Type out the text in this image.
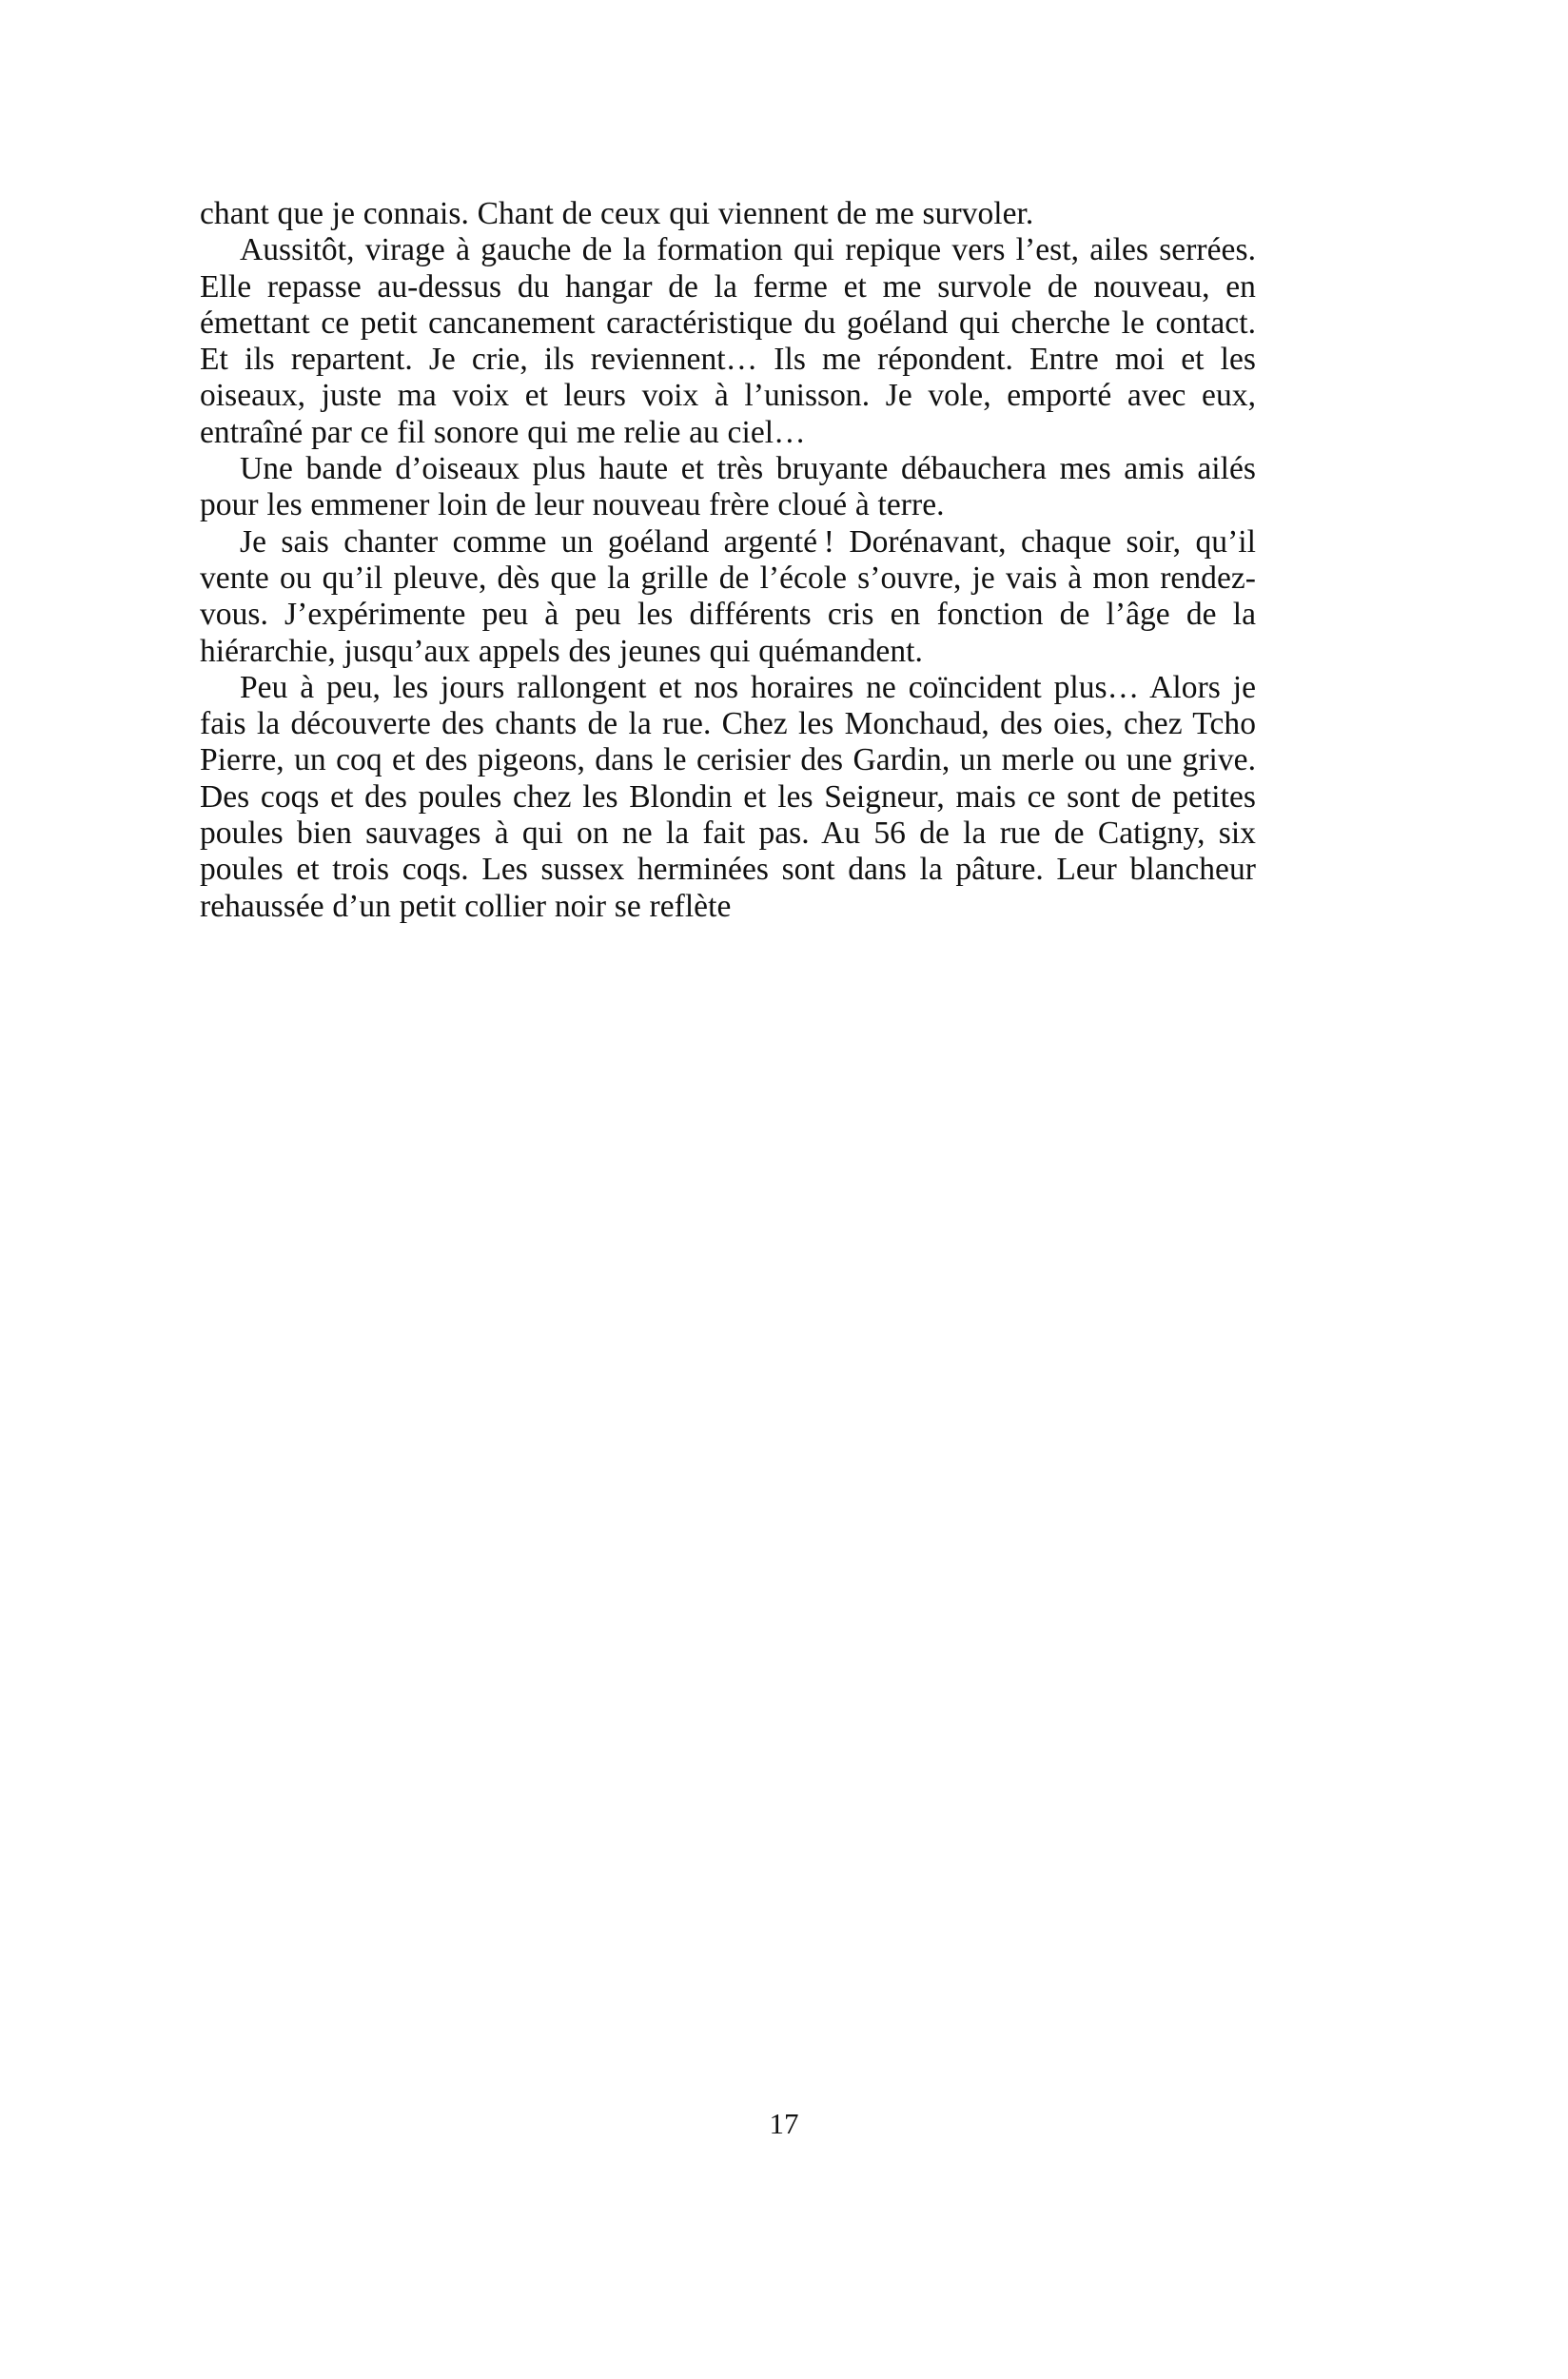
chant que je connais. Chant de ceux qui viennent de me survoler.

Aussitôt, virage à gauche de la formation qui repique vers l’est, ailes serrées. Elle repasse au-dessus du hangar de la ferme et me survole de nouveau, en émettant ce petit cancanement caractéristique du goéland qui cherche le contact. Et ils repartent. Je crie, ils reviennent… Ils me répondent. Entre moi et les oiseaux, juste ma voix et leurs voix à l’unisson. Je vole, emporté avec eux, entraîné par ce fil sonore qui me relie au ciel…

Une bande d’oiseaux plus haute et très bruyante débauchera mes amis ailés pour les emmener loin de leur nouveau frère cloué à terre.

Je sais chanter comme un goéland argenté ! Dorénavant, chaque soir, qu’il vente ou qu’il pleuve, dès que la grille de l’école s’ouvre, je vais à mon rendez-vous. J’expérimente peu à peu les différents cris en fonction de l’âge de la hiérarchie, jusqu’aux appels des jeunes qui quémandent.

Peu à peu, les jours rallongent et nos horaires ne coïncident plus… Alors je fais la découverte des chants de la rue. Chez les Monchaud, des oies, chez Tcho Pierre, un coq et des pigeons, dans le cerisier des Gardin, un merle ou une grive. Des coqs et des poules chez les Blondin et les Seigneur, mais ce sont de petites poules bien sauvages à qui on ne la fait pas. Au 56 de la rue de Catigny, six poules et trois coqs. Les sussex herminées sont dans la pâture. Leur blancheur rehaussée d’un petit collier noir se reflète

17
